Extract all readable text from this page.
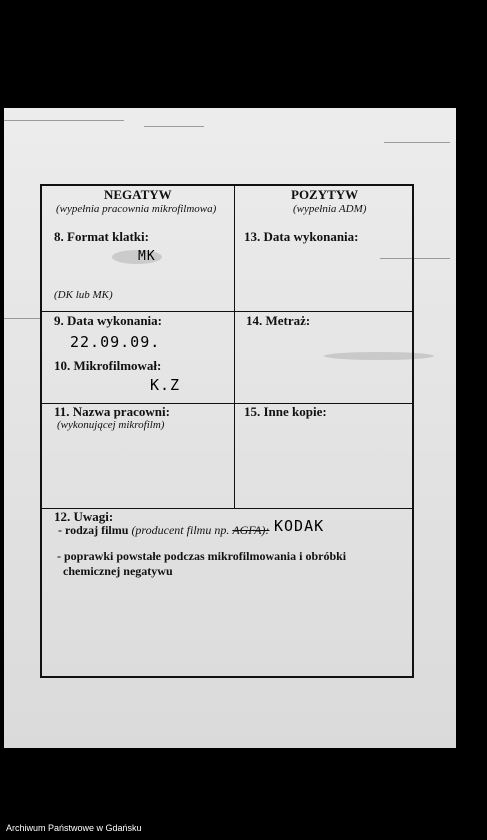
NEGATYW
(wypełnia pracownia mikrofilmowa)
POZYTYW
(wypełnia ADM)
8. Format klatki:
MK
(DK lub MK)
13. Data wykonania:
9. Data wykonania:
22.09.09.
14. Metraż:
10. Mikrofilmował:
K.Z
11. Nazwa pracowni:
(wykonującej mikrofilm)
15. Inne kopie:
12. Uwagi:
- rodzaj filmu (producent filmu np. AGFA): KODAK
- poprawki powstałe podczas mikrofilmowania i obróbki
chemicznej negatywu
Archiwum Państwowe w Gdańsku
